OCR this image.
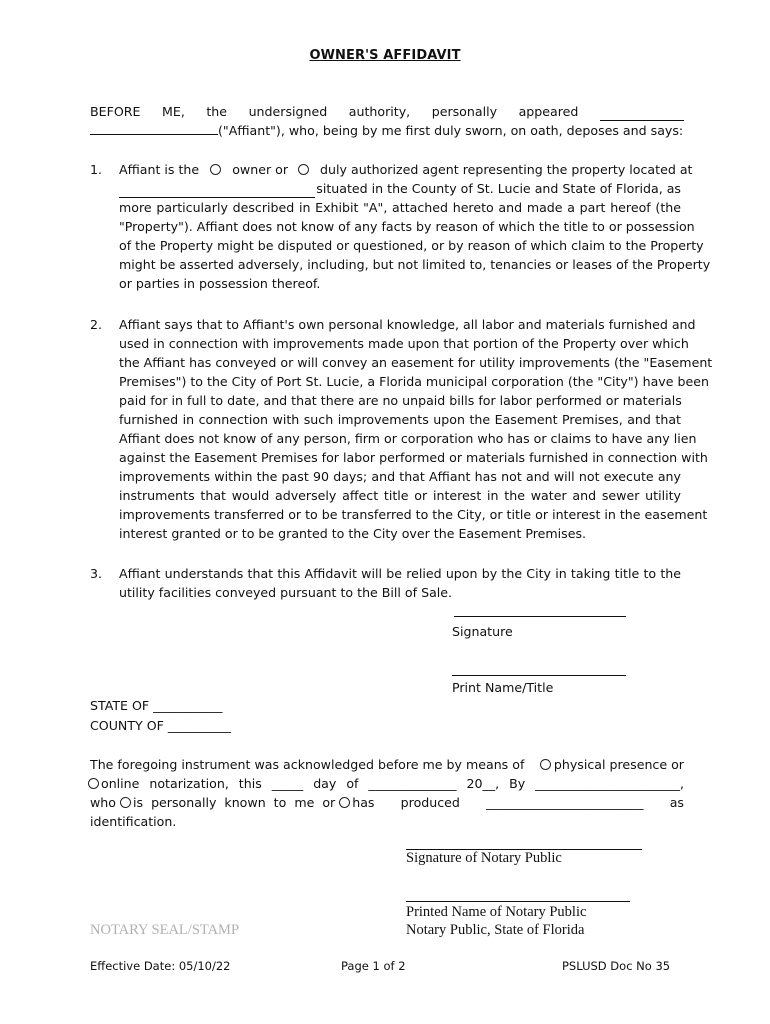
OWNER'S AFFIDAVIT
BEFORE ME, the undersigned authority, personally appeared
("Affiant"), who, being by me first duly sworn, on oath, deposes and says:
1. Affiant is the	owner or	duly authorized agent representing the property located at
situated in the County of St. Lucie and State of Florida, as
more particularly described in Exhibit "A", attached hereto and made a part hereof (the
"Property"). Affiant does not know of any facts by reason of which the title to or possession
of the Property might be disputed or questioned, or by reason of which claim to the Property
might be asserted adversely, including, but not limited to, tenancies or leases of the Property
or parties in possession thereof.
2. Affiant says that to Affiant's own personal knowledge, all labor and materials furnished and
used in connection with improvements made upon that portion of the Property over which
the Affiant has conveyed or will convey an easement for utility improvements (the "Easement
Premises") to the City of Port St. Lucie, a Florida municipal corporation (the "City") have been
paid for in full to date, and that there are no unpaid bills for labor performed or materials
furnished in connection with such improvements upon the Easement Premises, and that
Affiant does not know of any person, firm or corporation who has or claims to have any lien
against the Easement Premises for labor performed or materials furnished in connection with
improvements within the past 90 days; and that Affiant has not and will not execute any
instruments that would adversely affect title or interest in the water and sewer utility
improvements transferred or to be transferred to the City, or title or interest in the easement
interest granted or to be granted to the City over the Easement Premises.
3. Affiant understands that this Affidavit will be relied upon by the City in taking title to the
utility facilities conveyed pursuant to the Bill of Sale.
Signature
Print Name/Title
STATE OF ___________
COUNTY OF __________
The foregoing instrument was acknowledged before me by means of	physical presence or
online notarization, this _____ day of ______________ 20__, By _______________________,
who is  personally  known  to  me  or has  produced  _________________________  as
identification.
Signature of Notary Public
Printed Name of Notary Public
Notary Public, State of Florida
NOTARY SEAL/STAMP
Effective Date: 05/10/22	Page 1 of 2	PSLUSD Doc No 35
